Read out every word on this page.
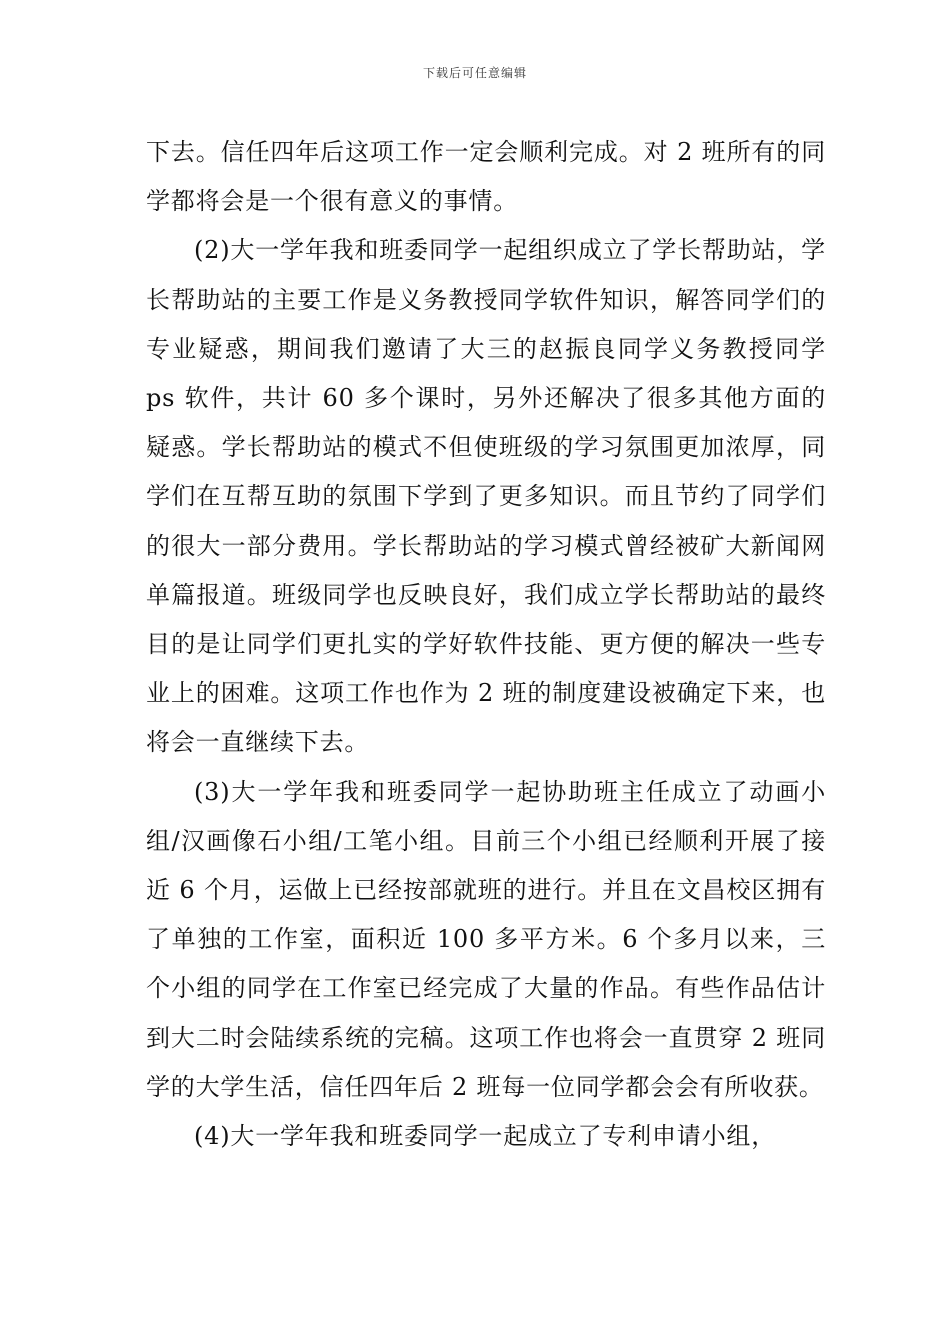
下载后可任意编辑

下去。信任四年后这项工作一定会顺利完成。对 2 班所有的同学都将会是一个很有意义的事情。

(2)大一学年我和班委同学一起组织成立了学长帮助站，学长帮助站的主要工作是义务教授同学软件知识，解答同学们的专业疑惑，期间我们邀请了大三的赵振良同学义务教授同学 ps 软件，共计 60 多个课时，另外还解决了很多其他方面的疑惑。学长帮助站的模式不但使班级的学习氛围更加浓厚，同学们在互帮互助的氛围下学到了更多知识。而且节约了同学们的很大一部分费用。学长帮助站的学习模式曾经被矿大新闻网单篇报道。班级同学也反映良好，我们成立学长帮助站的最终目的是让同学们更扎实的学好软件技能、更方便的解决一些专业上的困难。这项工作也作为 2 班的制度建设被确定下来，也将会一直继续下去。

(3)大一学年我和班委同学一起协助班主任成立了动画小组/汉画像石小组/工笔小组。目前三个小组已经顺利开展了接近 6 个月，运做上已经按部就班的进行。并且在文昌校区拥有了单独的工作室，面积近 100 多平方米。6 个多月以来，三个小组的同学在工作室已经完成了大量的作品。有些作品估计到大二时会陆续系统的完稿。这项工作也将会一直贯穿 2 班同学的大学生活，信任四年后 2 班每一位同学都会会有所收获。

(4)大一学年我和班委同学一起成立了专利申请小组，
